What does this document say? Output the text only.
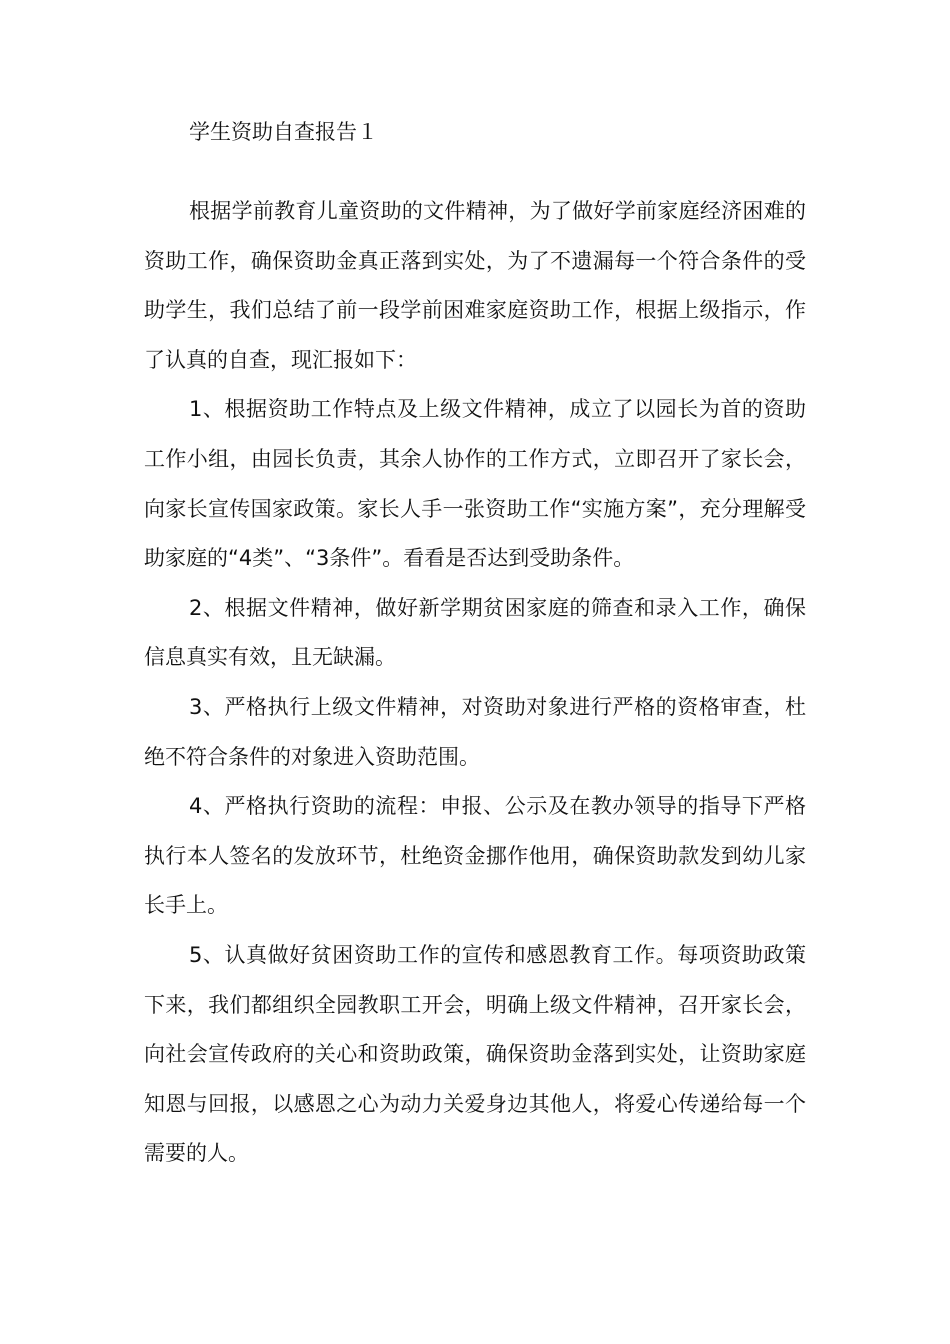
学生资助自查报告１

根据学前教育儿童资助的文件精神，为了做好学前家庭经济困难的资助工作，确保资助金真正落到实处，为了不遗漏每一个符合条件的受助学生，我们总结了前一段学前困难家庭资助工作，根据上级指示，作了认真的自查，现汇报如下：

1、根据资助工作特点及上级文件精神，成立了以园长为首的资助工作小组，由园长负责，其余人协作的工作方式，立即召开了家长会，向家长宣传国家政策。家长人手一张资助工作“实施方案”，充分理解受助家庭的“4类”、“3条件”。看看是否达到受助条件。

2、根据文件精神，做好新学期贫困家庭的筛查和录入工作，确保信息真实有效，且无缺漏。

3、严格执行上级文件精神，对资助对象进行严格的资格审查，杜绝不符合条件的对象进入资助范围。

4、严格执行资助的流程：申报、公示及在教办领导的指导下严格执行本人签名的发放环节，杜绝资金挪作他用，确保资助款发到幼儿家长手上。

5、认真做好贫困资助工作的宣传和感恩教育工作。每项资助政策下来，我们都组织全园教职工开会，明确上级文件精神，召开家长会，向社会宣传政府的关心和资助政策，确保资助金落到实处，让资助家庭知恩与回报，以感恩之心为动力关爱身边其他人，将爱心传递给每一个需要的人。
